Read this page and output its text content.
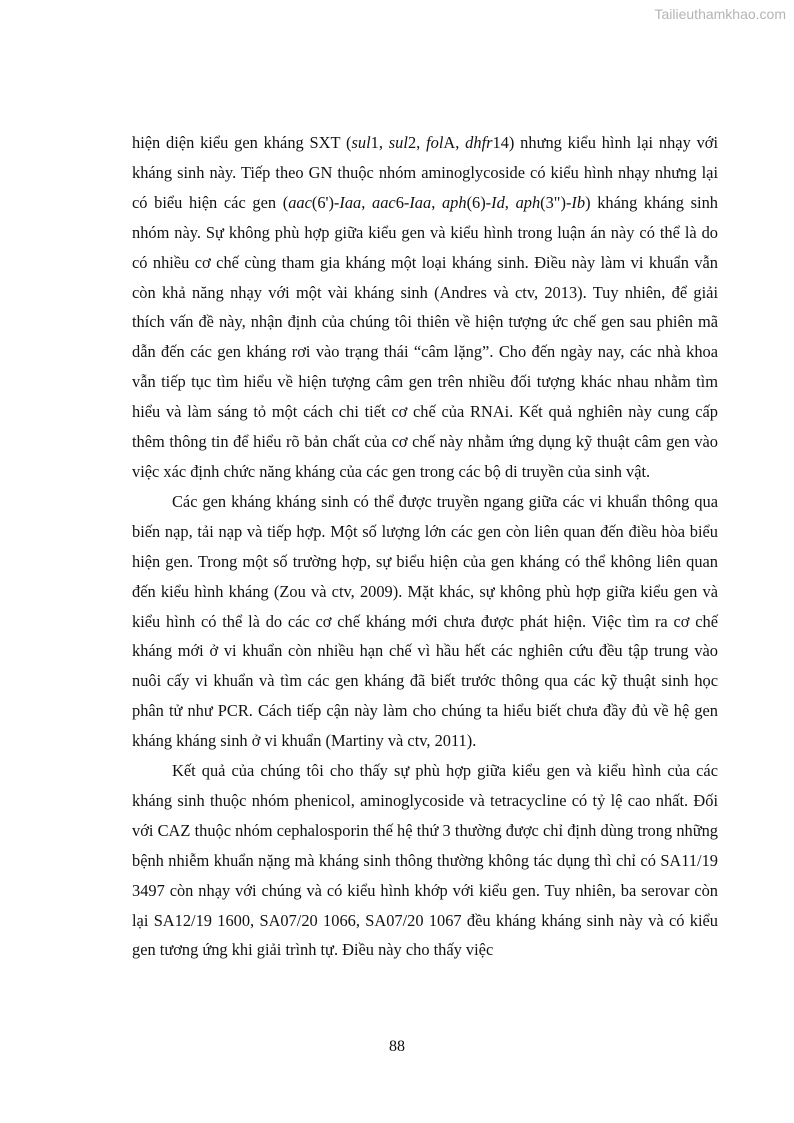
Tailieuthamkhao.com

hiện diện kiểu gen kháng SXT (sul1, sul2, folA, dhfr14) nhưng kiểu hình lại nhạy với kháng sinh này. Tiếp theo GN thuộc nhóm aminoglycoside có kiểu hình nhạy nhưng lại có biểu hiện các gen (aac(6')-Iaa, aac6-Iaa, aph(6)-Id, aph(3")-Ib) kháng kháng sinh nhóm này. Sự không phù hợp giữa kiểu gen và kiểu hình trong luận án này có thể là do có nhiều cơ chế cùng tham gia kháng một loại kháng sinh. Điều này làm vi khuẩn vẫn còn khả năng nhạy với một vài kháng sinh (Andres và ctv, 2013). Tuy nhiên, để giải thích vấn đề này, nhận định của chúng tôi thiên về hiện tượng ức chế gen sau phiên mã dẫn đến các gen kháng rơi vào trạng thái “câm lặng”. Cho đến ngày nay, các nhà khoa vẫn tiếp tục tìm hiểu về hiện tượng câm gen trên nhiều đối tượng khác nhau nhằm tìm hiểu và làm sáng tỏ một cách chi tiết cơ chế của RNAi. Kết quả nghiên này cung cấp thêm thông tin để hiểu rõ bản chất của cơ chế này nhằm ứng dụng kỹ thuật câm gen vào việc xác định chức năng kháng của các gen trong các bộ di truyền của sinh vật.

Các gen kháng kháng sinh có thể được truyền ngang giữa các vi khuẩn thông qua biến nạp, tải nạp và tiếp hợp. Một số lượng lớn các gen còn liên quan đến điều hòa biểu hiện gen. Trong một số trường hợp, sự biểu hiện của gen kháng có thể không liên quan đến kiểu hình kháng (Zou và ctv, 2009). Mặt khác, sự không phù hợp giữa kiểu gen và kiểu hình có thể là do các cơ chế kháng mới chưa được phát hiện. Việc tìm ra cơ chế kháng mới ở vi khuẩn còn nhiều hạn chế vì hầu hết các nghiên cứu đều tập trung vào nuôi cấy vi khuẩn và tìm các gen kháng đã biết trước thông qua các kỹ thuật sinh học phân tử như PCR. Cách tiếp cận này làm cho chúng ta hiểu biết chưa đầy đủ về hệ gen kháng kháng sinh ở vi khuẩn (Martiny và ctv, 2011).

Kết quả của chúng tôi cho thấy sự phù hợp giữa kiểu gen và kiểu hình của các kháng sinh thuộc nhóm phenicol, aminoglycoside và tetracycline có tỷ lệ cao nhất. Đối với CAZ thuộc nhóm cephalosporin thế hệ thứ 3 thường được chỉ định dùng trong những bệnh nhiễm khuẩn nặng mà kháng sinh thông thường không tác dụng thì chỉ có SA11/19 3497 còn nhạy với chúng và có kiểu hình khớp với kiểu gen. Tuy nhiên, ba serovar còn lại SA12/19 1600, SA07/20 1066, SA07/20 1067 đều kháng kháng sinh này và có kiểu gen tương ứng khi giải trình tự. Điều này cho thấy việc

88
